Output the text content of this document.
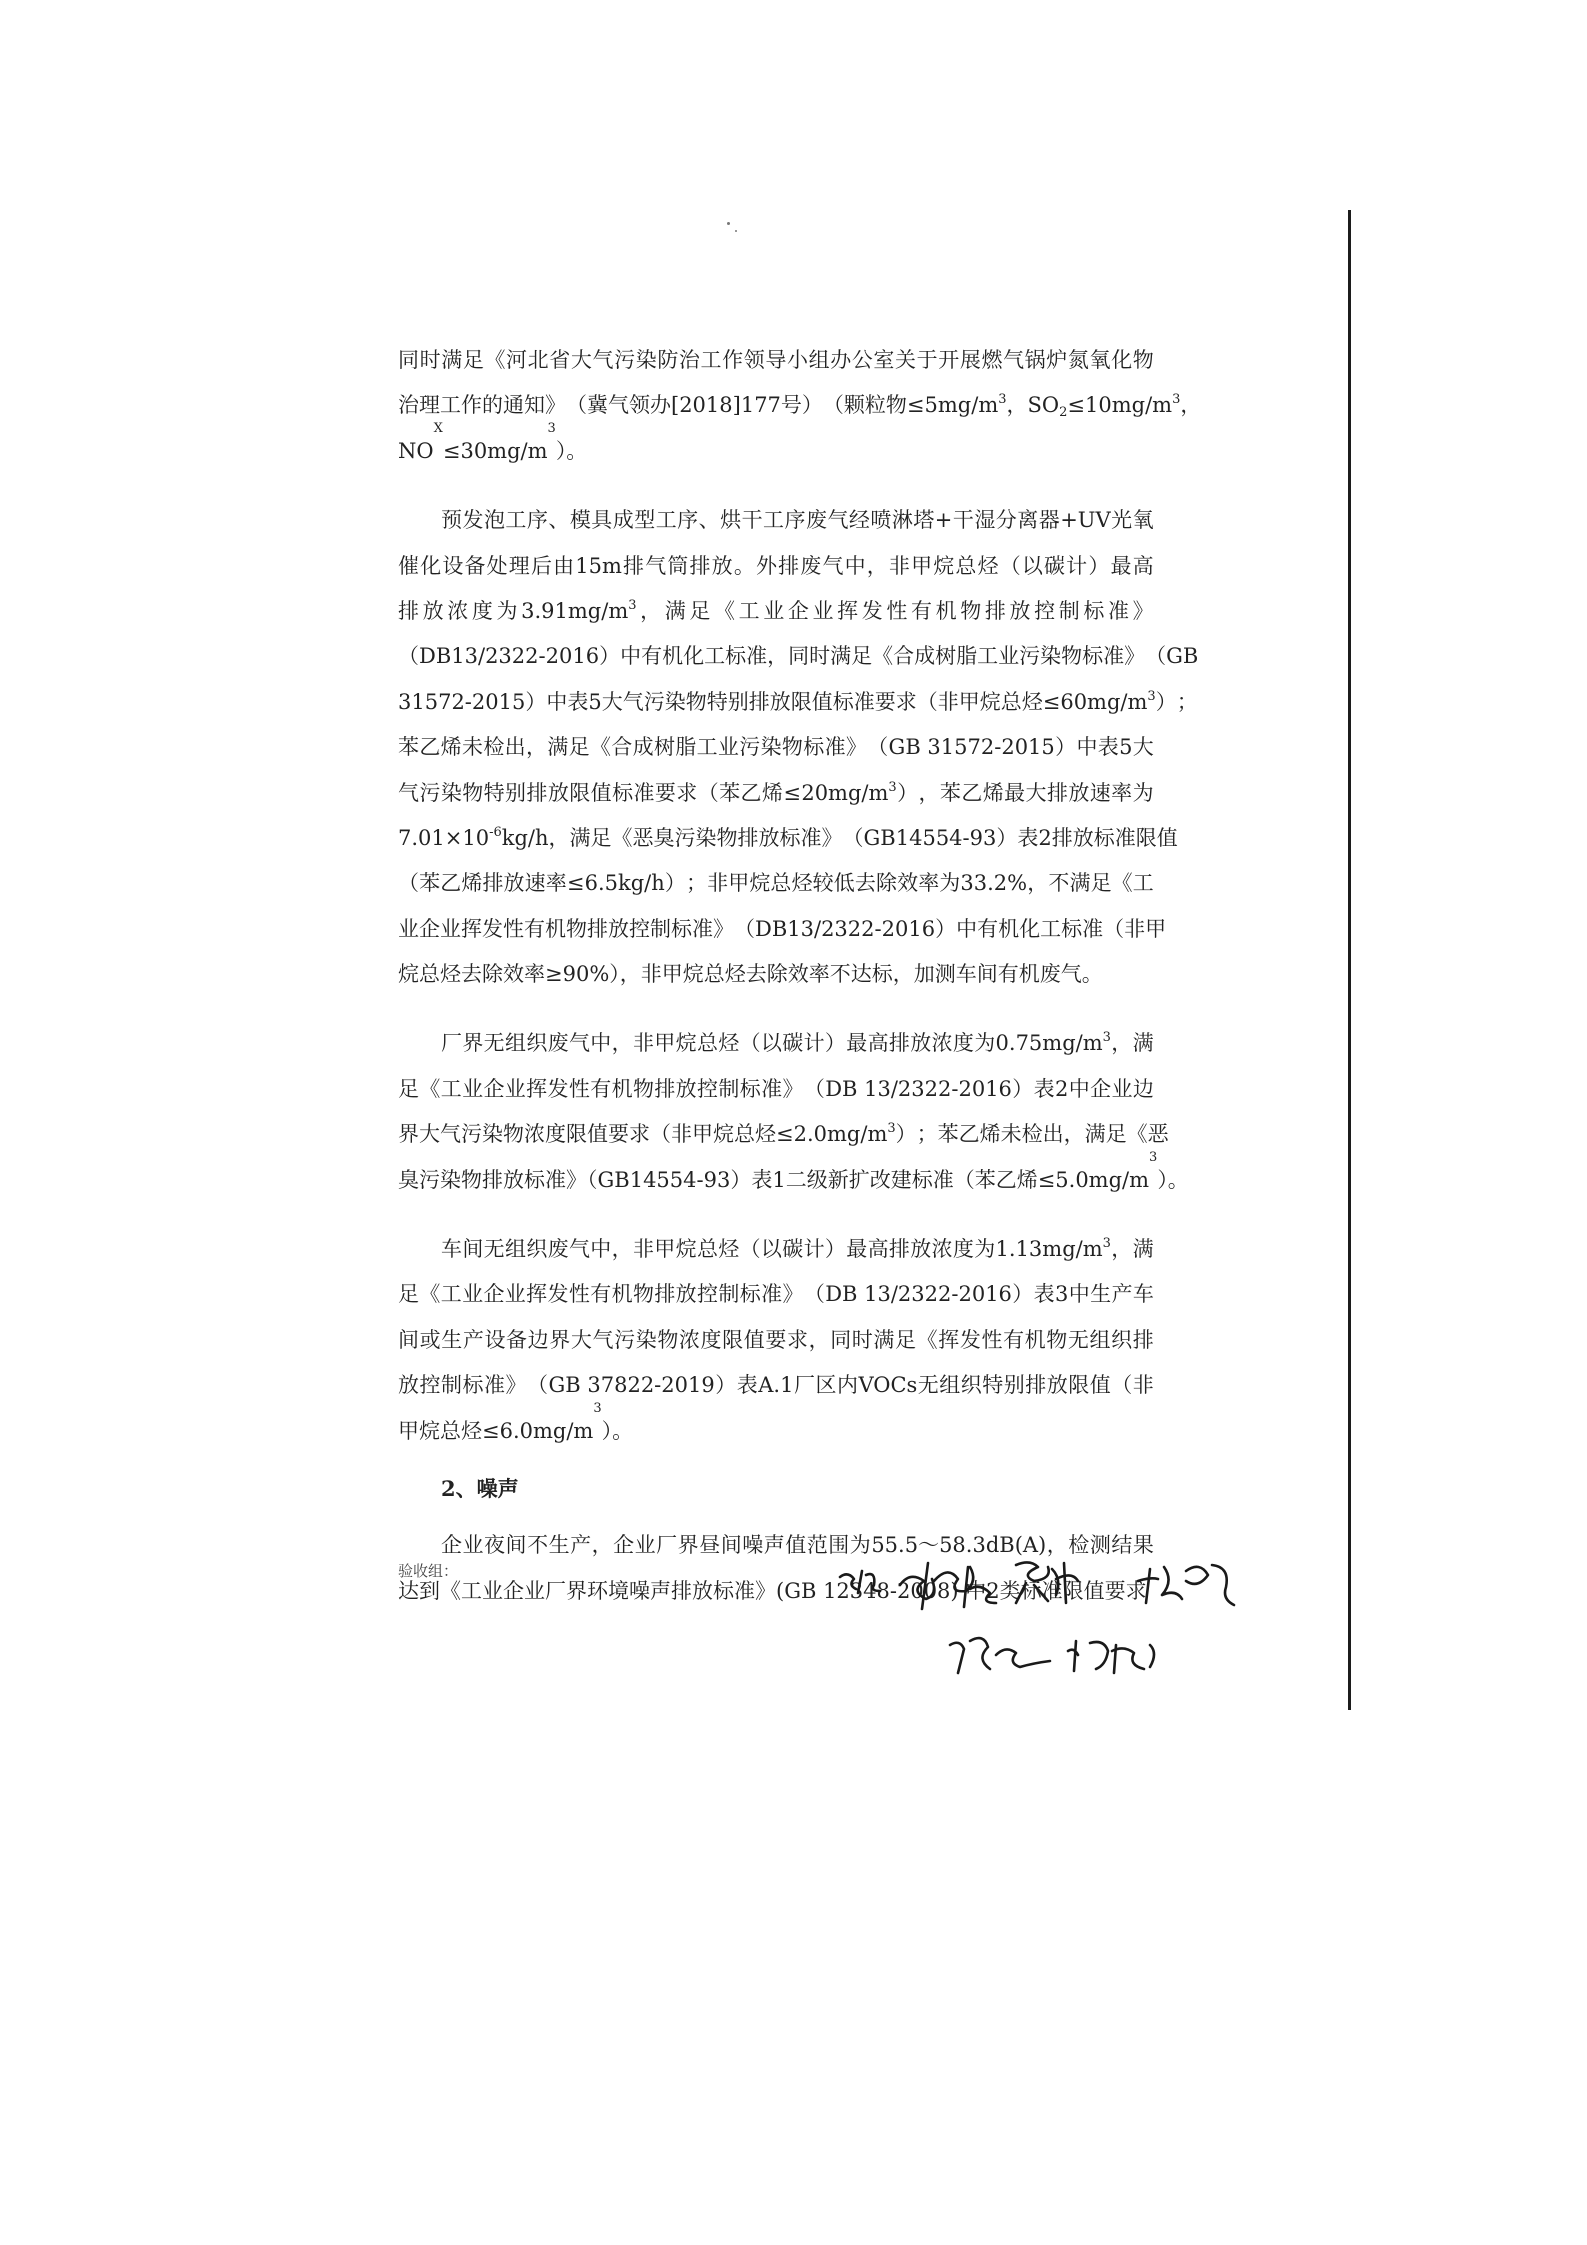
同 时 满 足 《 河 北 省 大 气 污 染 防 治 工 作 领 导 小 组 办 公 室 关 于 开 展 燃 气 锅 炉 氮 氧 化 物
治 理 工 作 的 通 知 》 （ 冀 气 领 办 [2018]177 号 ） （ 颗 粒 物 ≤ $5mg/m^3$ ， $SO_2 \le 10mg/m^3$ ，
NO
X
≤30mg/m
3
）。
预 发 泡 工 序 、 模 具 成 型 工 序 、 烘 干 工 序 废 气 经 喷 淋 塔 + 干 湿 分 离 器 +UV 光 氧
催 化 设 备 处 理 后 由 15m 排 气 筒 排 放 。 外 排 废 气 中 ， 非 甲 烷 总 烃 （ 以 碳 计 ） 最 高
排 放 浓 度 为 $3.91mg/m^3$ ， 满 足 《 工 业 企 业 挥 发 性 有 机 物 排 放 控 制 标 准 》
（ DB13/2322-2016 ） 中 有 机 化 工 标 准 ， 同 时 满 足 《 合 成 树 脂 工 业 污 染 物 标 准 》 （ GB
31572-2015 ） 中 表 5 大 气 污 染 物 特 别 排 放 限 值 标 准 要 求 （ 非 甲 烷 总 烃 ≤ $60mg/m^3$ ） ；
苯 乙 烯 未 检 出 ， 满 足 《 合 成 树 脂 工 业 污 染 物 标 准 》 （ GB 31572-2015 ） 中 表 5 大
气 污 染 物 特 别 排 放 限 值 标 准 要 求 （ 苯 乙 烯 ≤ $20mg/m^3$ ） ， 苯 乙 烯 最 大 排 放 速 率 为
$7.01\times 10^{-6}kg/h$ ， 满 足 《 恶 臭 污 染 物 排 放 标 准 》 （ GB14554-93 ） 表 2 排 放 标 准 限 值
（ 苯 乙 烯 排 放 速 率 ≤ 6.5kg/h ） ； 非 甲 烷 总 烃 较 低 去 除 效 率 为 33.2% ， 不 满 足 《 工
业 企 业 挥 发 性 有 机 物 排 放 控 制 标 准 》 （ DB13/2322-2016 ） 中 有 机 化 工 标 准 （ 非 甲
烷总烃去除效率≥90%），非甲烷总烃去除效率不达标，加测车间有机废气。
厂 界 无 组 织 废 气 中 ， 非 甲 烷 总 烃 （ 以 碳 计 ） 最 高 排 放 浓 度 为 $0.75mg/m^3$ ， 满
足 《 工 业 企 业 挥 发 性 有 机 物 排 放 控 制 标 准 》 （ DB 13/2322-2016 ） 表 2 中 企 业 边
界 大 气 污 染 物 浓 度 限 值 要 求 （ 非 甲 烷 总 烃 ≤ $2.0mg/m^3$ ） ； 苯 乙 烯 未 检 出 ， 满 足 《 恶
臭污染物排放标准》（GB14554-93）表1二级新扩改建标准（苯乙烯≤5.0mg/m
3
）。
车 间 无 组 织 废 气 中 ， 非 甲 烷 总 烃 （ 以 碳 计 ） 最 高 排 放 浓 度 为 $1.13mg/m^3$ ， 满
足 《 工 业 企 业 挥 发 性 有 机 物 排 放 控 制 标 准 》 （ DB 13/2322-2016 ） 表 3 中 生 产 车
间 或 生 产 设 备 边 界 大 气 污 染 物 浓 度 限 值 要 求 ， 同 时 满 足 《 挥 发 性 有 机 物 无 组 织 排
放 控 制 标 准 》 （ GB 37822-2019 ） 表 A.1 厂 区 内 VOCs 无 组 织 特 别 排 放 限 值 （ 非
甲烷总烃≤6.0mg/m
3
）。
2、噪声
企 业 夜 间 不 生 产 ， 企 业 厂 界 昼 间 噪 声 值 范 围 为 55.5～58.3dB(A) ， 检 测 结 果
达到《工业企业厂界环境噪声排放标准》(GB 12348-2008) 中2类标准限值要求
验收组：
